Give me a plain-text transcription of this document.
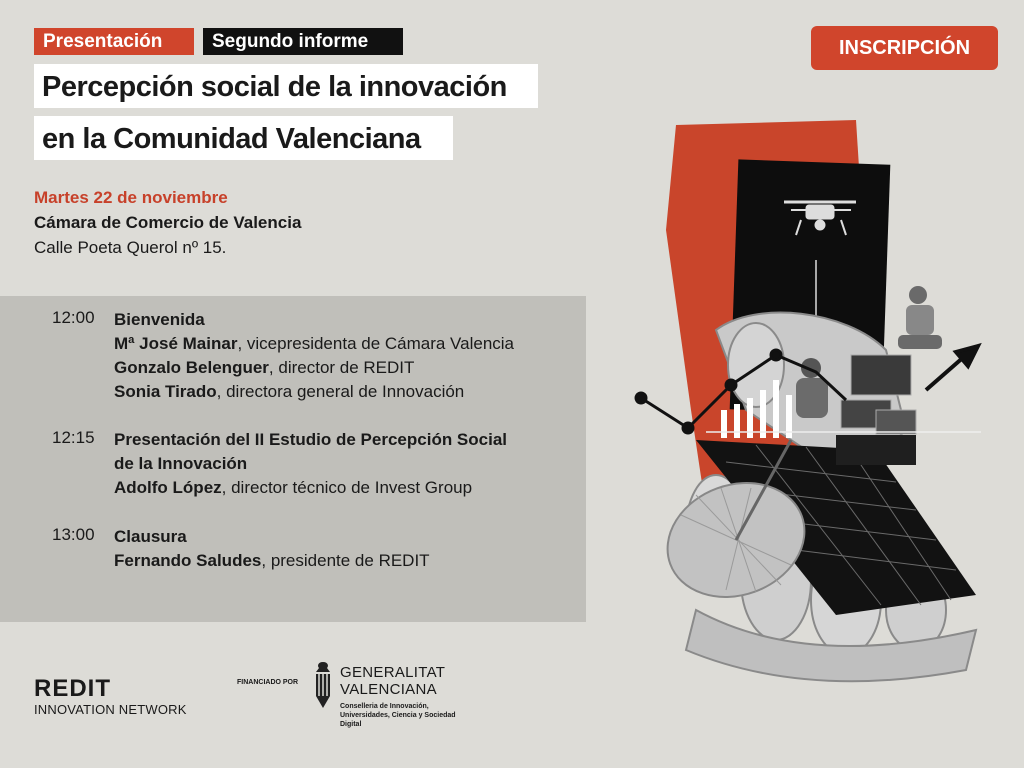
Presentación	Segundo informe	INSCRIPCIÓN
Percepción social de la innovación
en la Comunidad Valenciana
Martes 22 de noviembre
Cámara de Comercio de Valencia
Calle Poeta Querol nº 15.
12:00	Bienvenida

Mª José Mainar, vicepresidenta de Cámara Valencia

Gonzalo Belenguer, director de REDIT

Sonia Tirado, directora general de Innovación

12:15	Presentación del II Estudio de Percepción Social

de la Innovación

Adolfo López, director técnico de Invest Group

13:00	Clausura

Fernando Saludes, presidente de REDIT

REDIT
INNOVATION NETWORK
FINANCIADO POR
GENERALITAT
VALENCIANA
Conselleria de Innovación, Universidades, Ciencia y Sociedad Digital
